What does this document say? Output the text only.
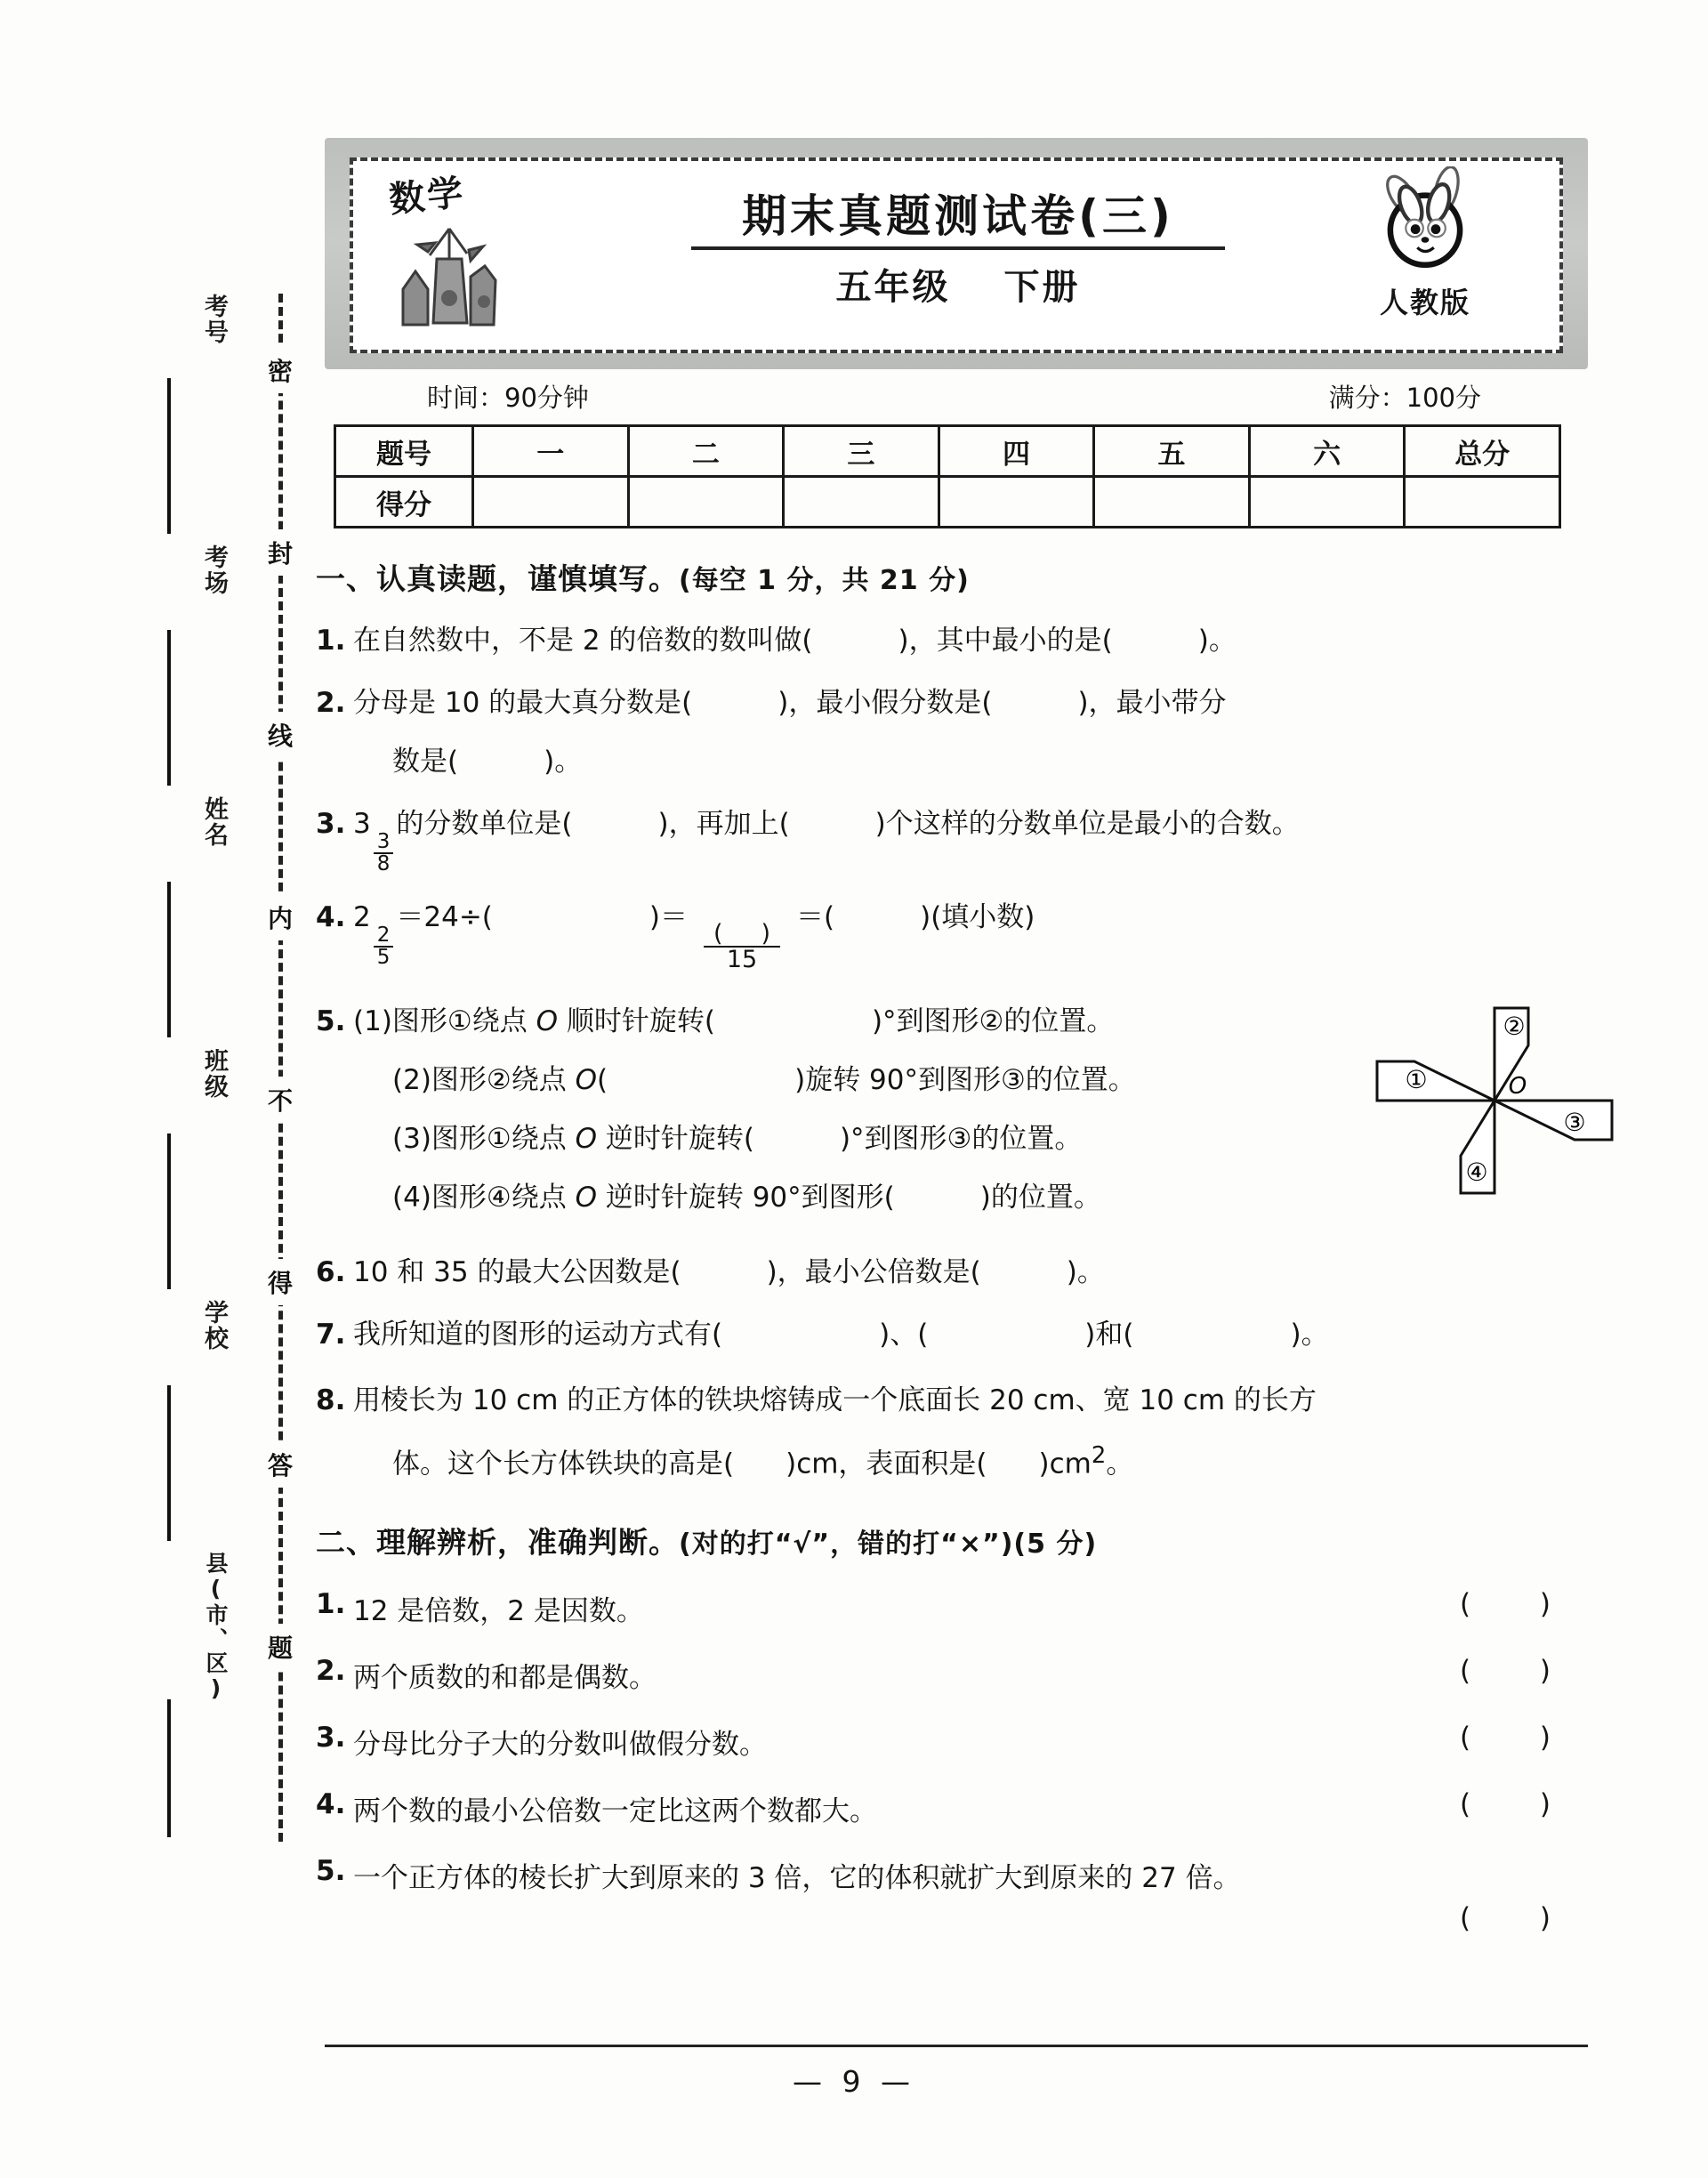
考号
考场
姓名
班级
学校
县(市、区)
密
封
线
内
不
得
答
题
数学	期末真题测试卷(三)
五年级 下册	人教版
时间：90分钟	满分：100分
题号	一	二	三	四	五	六	总分
得分							
一、认真读题，谨慎填写。(每空 1 分，共 21 分)
1. 在自然数中，不是 2 的倍数的数叫做(	)，其中最小的是(	)。
2. 分母是 10 的最大真分数是(	)，最小假分数是(	)，最小带分
数是(	)。
3. 3
$\frac{3}{8}$
的分数单位是(	)，再加上(	)个这样的分数单位是最小的合数。
4. 2
$\frac{2}{5}$
＝24÷(	)＝
$\frac{( )}{15}$
＝(	)(填小数)
5. (1)图形①绕点 O 顺时针旋转(	)°到图形②的位置。
(2)图形②绕点 O(	)旋转 90°到图形③的位置。
(3)图形①绕点 O 逆时针旋转(	)°到图形③的位置。
(4)图形④绕点 O 逆时针旋转 90°到图形(	)的位置。
6. 10 和 35 的最大公因数是(	)，最小公倍数是(	)。
7. 我所知道的图形的运动方式有(	)、(	)和(	)。
8. 用棱长为 10 cm 的正方体的铁块熔铸成一个底面长 20 cm、宽 10 cm 的长方
体。这个长方体铁块的高是( )cm，表面积是( )$cm^2$。
二、理解辨析，准确判断。(对的打“√”，错的打“×”)(5 分)
1. 12 是倍数，2 是因数。	( )
2. 两个质数的和都是偶数。	( )
3. 分母比分子大的分数叫做假分数。	( )
4. 两个数的最小公倍数一定比这两个数都大。	( )
5. 一个正方体的棱长扩大到原来的 3 倍，它的体积就扩大到原来的 27 倍。
( )
①
②
③
④
O
— 9 —
